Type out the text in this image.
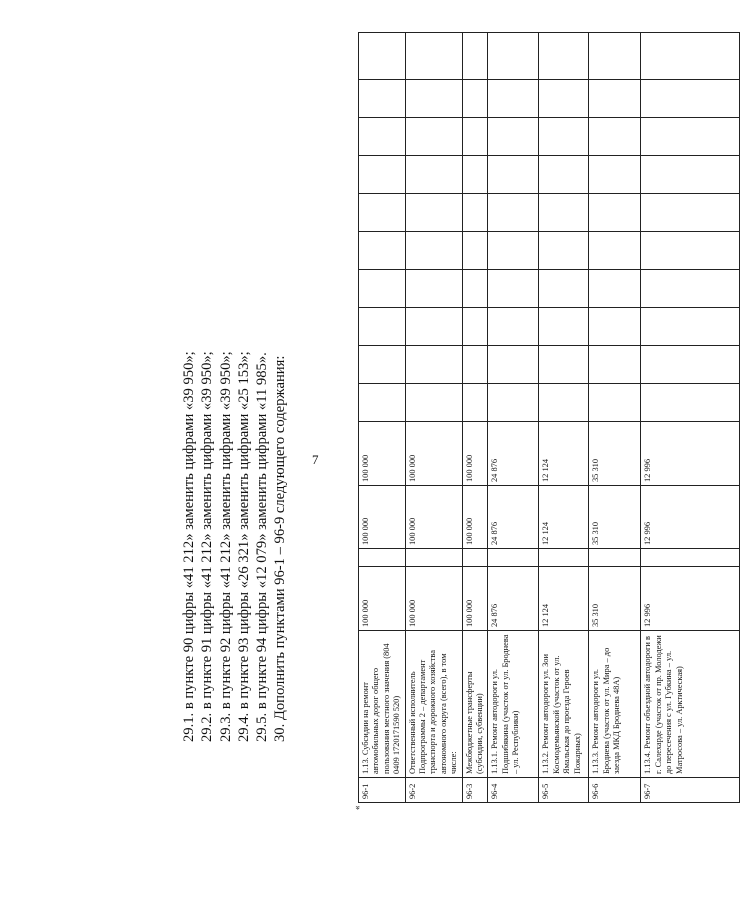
7
29.1. в пункте 90 цифры «41 212» заменить цифрами «39 950»; 29.2. в пункте 91 цифры «41 212» заменить цифрами «39 950»; 29.3. в пункте 92 цифры «41 212» заменить цифрами «39 950»; 29.4. в пункте 93 цифры «26 321» заменить цифрами «25 153»; 29.5. в пункте 94 цифры «12 079» заменить цифрами «11 985». 30. Дополнить пунктами 96-1 – 96-9 следующего содержания:
«
96-1	1.13. Субсидии на ремонт автомобильных дорог общего пользования местного значения (804 0409 1720171590 520)	100 000		100 000	100 000										
96-2	Ответственный исполнитель Подпрограммы 2 – департамент транспорта и дорожного хозяйства автономного округа (всего), в том числе:	100 000		100 000	100 000										
96-3	Межбюджетные трансферты (субсидии, субвенции)	100 000		100 000	100 000										
96-4	1.13.1. Ремонт автодороги ул. Подшибякина (участок от ул. Броднева – ул. Республики)	24 876		24 876	24 876										
96-5	1.13.2. Ремонт автодороги ул. Зои Космодемьянской (участок от ул. Ямальская до проезда Героев Пожарных)	12 124		12 124	12 124										
96-6	1.13.3. Ремонт автодороги ул. Броднева (участок от ул. Мира – до заезда МКД Броднева 48А)	35 310		35 310	35 310										
96-7	1.13.4. Ремонт объездной автодороги в г. Салехарде (участок от пр. Молодежи до пересечения с ул. Губкина – ул. Матросова – ул. Арктическая)	12 996		12 996	12 996										
